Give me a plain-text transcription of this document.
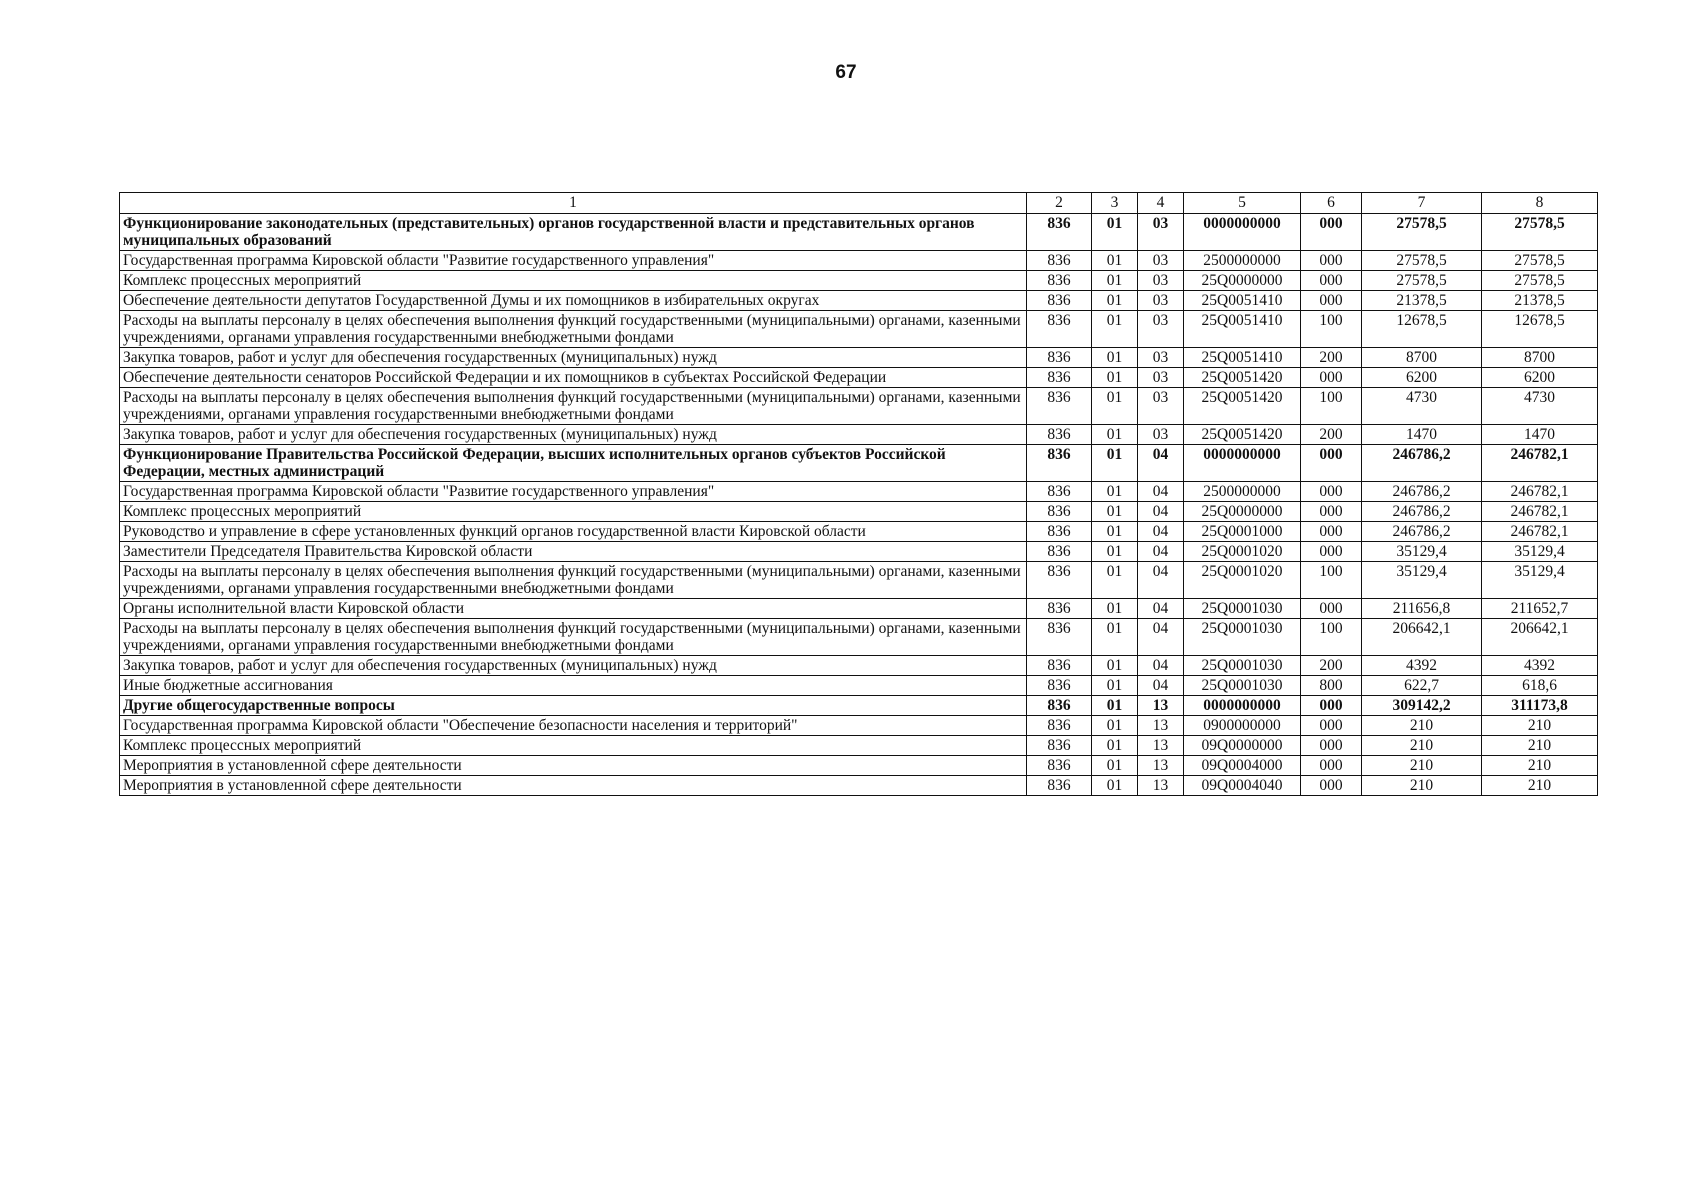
67
1	2	3	4	5	6	7	8
Функционирование законодательных (представительных) органов государственной власти и представительных органов муниципальных образований	836	01	03	0000000000	000	27578,5	27578,5
Государственная программа Кировской области "Развитие государственного управления"	836	01	03	2500000000	000	27578,5	27578,5
Комплекс процессных мероприятий	836	01	03	25Q0000000	000	27578,5	27578,5
Обеспечение деятельности депутатов Государственной Думы и их помощников в избирательных округах	836	01	03	25Q0051410	000	21378,5	21378,5
Расходы на выплаты персоналу в целях обеспечения выполнения функций государственными (муниципальными) органами, казенными учреждениями, органами управления государственными внебюджетными фондами	836	01	03	25Q0051410	100	12678,5	12678,5
Закупка товаров, работ и услуг для обеспечения государственных (муниципальных) нужд	836	01	03	25Q0051410	200	8700	8700
Обеспечение деятельности сенаторов Российской Федерации и их помощников в субъектах Российской Федерации	836	01	03	25Q0051420	000	6200	6200
Расходы на выплаты персоналу в целях обеспечения выполнения функций государственными (муниципальными) органами, казенными учреждениями, органами управления государственными внебюджетными фондами	836	01	03	25Q0051420	100	4730	4730
Закупка товаров, работ и услуг для обеспечения государственных (муниципальных) нужд	836	01	03	25Q0051420	200	1470	1470
Функционирование Правительства Российской Федерации, высших исполнительных органов субъектов Российской Федерации, местных администраций	836	01	04	0000000000	000	246786,2	246782,1
Государственная программа Кировской области "Развитие государственного управления"	836	01	04	2500000000	000	246786,2	246782,1
Комплекс процессных мероприятий	836	01	04	25Q0000000	000	246786,2	246782,1
Руководство и управление в сфере установленных функций органов государственной власти Кировской области	836	01	04	25Q0001000	000	246786,2	246782,1
Заместители Председателя Правительства Кировской области	836	01	04	25Q0001020	000	35129,4	35129,4
Расходы на выплаты персоналу в целях обеспечения выполнения функций государственными (муниципальными) органами, казенными учреждениями, органами управления государственными внебюджетными фондами	836	01	04	25Q0001020	100	35129,4	35129,4
Органы исполнительной власти Кировской области	836	01	04	25Q0001030	000	211656,8	211652,7
Расходы на выплаты персоналу в целях обеспечения выполнения функций государственными (муниципальными) органами, казенными учреждениями, органами управления государственными внебюджетными фондами	836	01	04	25Q0001030	100	206642,1	206642,1
Закупка товаров, работ и услуг для обеспечения государственных (муниципальных) нужд	836	01	04	25Q0001030	200	4392	4392
Иные бюджетные ассигнования	836	01	04	25Q0001030	800	622,7	618,6
Другие общегосударственные вопросы	836	01	13	0000000000	000	309142,2	311173,8
Государственная программа Кировской области "Обеспечение безопасности населения и территорий"	836	01	13	0900000000	000	210	210
Комплекс процессных мероприятий	836	01	13	09Q0000000	000	210	210
Мероприятия в установленной сфере деятельности	836	01	13	09Q0004000	000	210	210
Мероприятия в установленной сфере деятельности	836	01	13	09Q0004040	000	210	210
